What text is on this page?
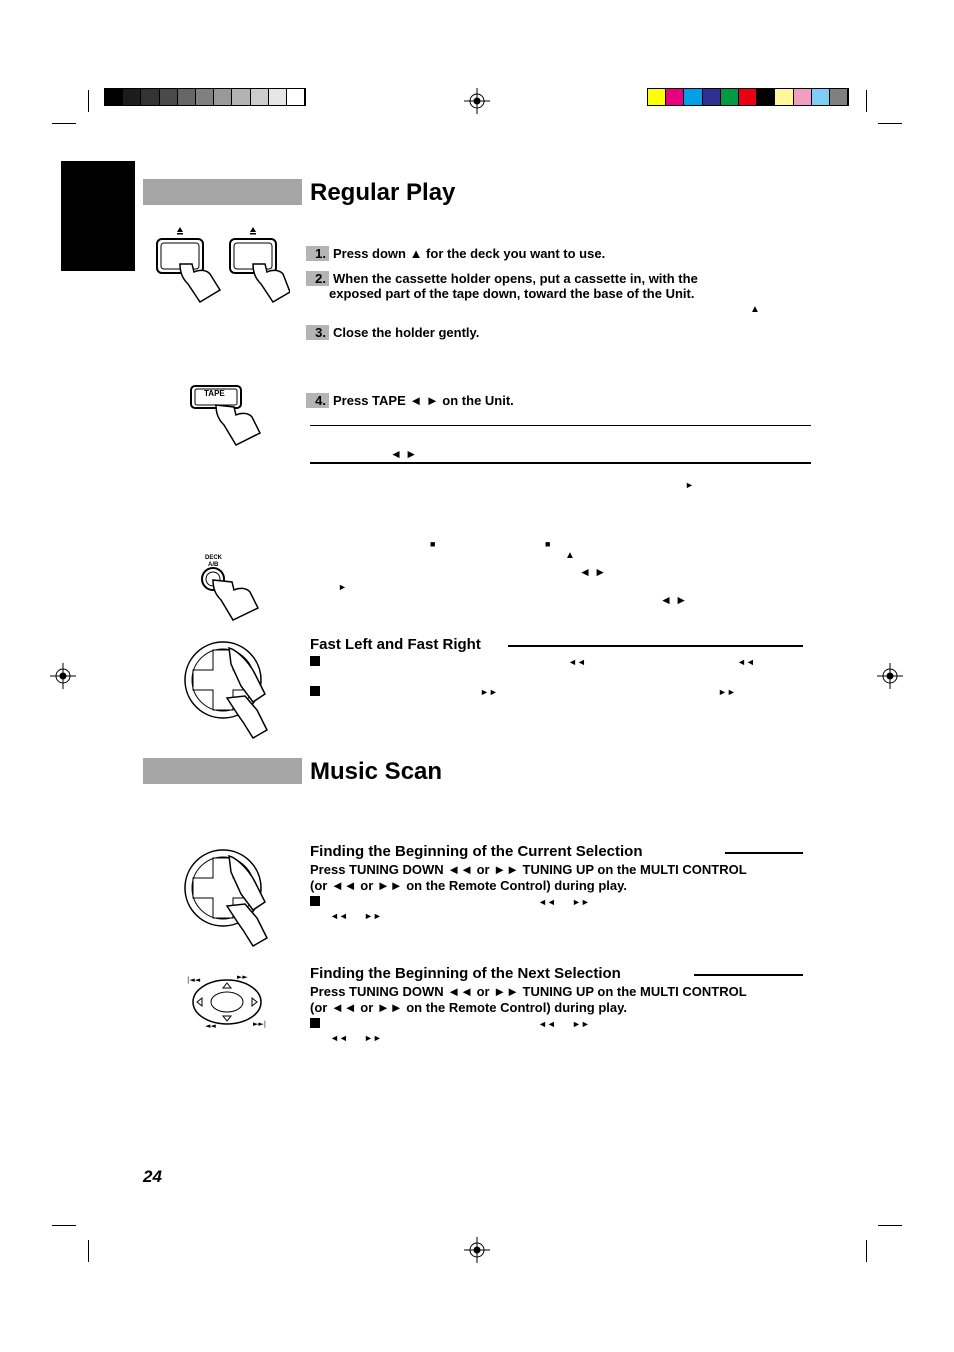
Regular Play
1. Press down ▲ for the deck you want to use.
2. When the cassette holder opens, put a cassette in, with the
exposed part of the tape down, toward the base of the Unit.
▲
3. Close the holder gently.
TAPE	4. Press TAPE ◄ ► on the Unit.
◄ ►
►
■	■
▲
◄ ►
►
◄ ►
DECK
A/B
Fast Left and Fast Right
◄◄	◄◄
►►	►►
Music Scan
Finding the Beginning of the Current Selection
Press TUNING DOWN ◄◄ or ►► TUNING UP on the MULTI CONTROL
(or ◄◄ or ►► on the Remote Control) during play.
◄◄ ►►
◄◄ ►►
|◄◄	►►
◄◄	►►|
Finding the Beginning of the Next Selection
Press TUNING DOWN ◄◄ or ►► TUNING UP on the MULTI CONTROL
(or ◄◄ or ►► on the Remote Control) during play.
◄◄ ►►
◄◄ ►►
24
